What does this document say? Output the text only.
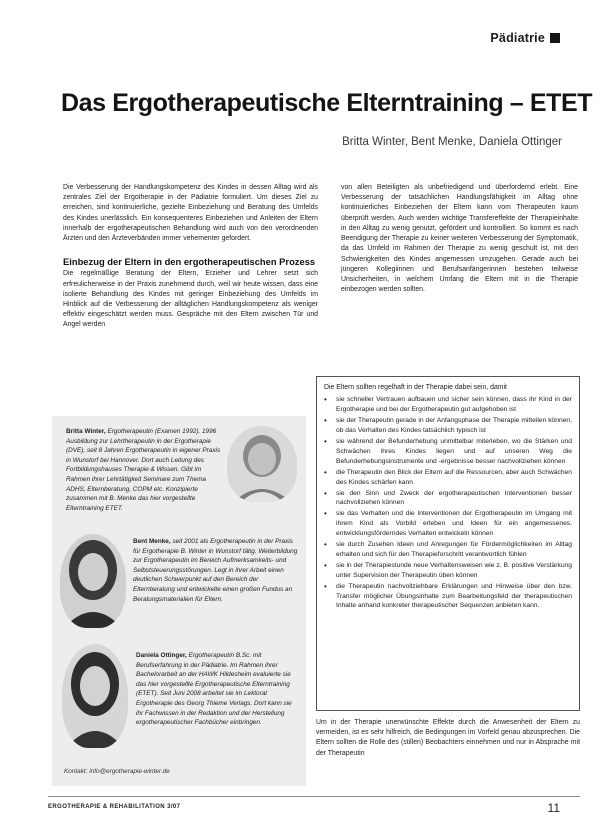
Pädiatrie
Das Ergotherapeutische Elterntraining – ETET
Britta Winter, Bent Menke, Daniela Ottinger

Die Verbesserung der Handlungskompetenz des Kindes in dessen Alltag wird als zentrales Ziel der Ergotherapie in der Pädiatrie formuliert. Um dieses Ziel zu erreichen, sind kontinuierliche, gezielte Einbeziehung und Beratung des Umfelds des Kindes unerlässlich. Ein konsequenteres Einbeziehen und Anleiten der Eltern innerhalb der ergotherapeutischen Behandlung wird auch von den verordnenden Ärzten und den Ärzteverbänden immer vehementer gefordert.

Einbezug der Eltern in den ergotherapeutischen Prozess

Die regelmäßige Beratung der Eltern, Erzieher und Lehrer setzt sich erfreulicherweise in der Praxis zunehmend durch, weil wir heute wissen, dass eine isolierte Behandlung des Kindes mit geringer Einbeziehung des Umfelds im Hinblick auf die Verbesserung der alltäglichen Handlungskompetenz als weniger effektiv eingeschätzt werden muss. Gespräche mit den Eltern zwischen Tür und Angel werden

von allen Beteiligten als unbefriedigend und überfordernd erlebt. Eine Verbesserung der tatsächlichen Handlungsfähigkeit im Alltag ohne kontinuierliches Einbeziehen der Eltern kann vom Therapeuten kaum überprüft werden. Auch werden wichtige Transfereffekte der Therapieinhalte in den Alltag zu wenig genutzt, gefördert und kontrolliert. So kommt es nach Beendigung der Therapie zu keiner weiteren Verbesserung der Symptomatik, da das Umfeld im Rahmen der Therapie zu wenig geschult ist, mit den Schwierigkeiten des Kindes angemessen umzugehen. Gerade auch bei jüngeren Kollegiinnen und Berufsanfängerinnen bestehen teilweise Unsicherheiten, in welchem Umfang die Eltern mit in die Therapie einbezogen werden sollten.

Die Eltern sollten regelhaft in der Therapie dabei sein, damit

•	sie schneller Vertrauen aufbauen und sicher sein können, dass ihr Kind in der Ergotherapie und bei der Ergotherapeutin gut aufgehoben ist
•	sie der Therapeutin gerade in der Anfangsphase der Therapie mitteilen können, ob das Verhalten des Kindes tatsächlich typisch ist
•	sie während der Befunderhebung unmittelbar miterleben, wo die Stärken und Schwächen ihres Kindes liegen und auf unseren Weg die Befunderhebungsinstrumente und -ergebnisse besser nachvollziehen können
•	die Therapeutin den Blick der Eltern auf die Ressourcen, aber auch Schwächen des Kindes schärfen kann
•	sie den Sinn und Zweck der ergotherapeutischen Interventionen besser nachvollziehen können
•	sie das Verhalten und die Interventionen der Ergotherapeutin im Umgang mit ihrem Kind als Vorbild erleben und Ideen für ein angemessenes, entwicklungsförderndes Verhalten entwickeln können
•	sie durch Zusehen Ideen und Anregungen für Fördermöglichkeiten im Alltag erhalten und sich für den Therapieforschritt verantwortlich fühlen
•	sie in der Therapiestunde neue Verhaltensweisen wie z. B. positive Verstärkung unter Supervision der Therapeutin üben können
•	die Therapeutin nachvollziehbare Erklärungen und Hinweise über den bzw. Transfer möglicher Übungsinhalte zum Bearbeitungsfeld der therapeutischen Inhalte anhand konkreter therapeutischer Sequenzen anbieten kann.

Um in der Therapie unerwünschte Effekte durch die Anwesenheit der Eltern zu vermeiden, ist es sehr hilfreich, die Bedingungen im Vorfeld genau abzusprechen. Die Eltern sollten die Rolle des (stillen) Beobachters einnehmen und nur in Absprache mit der Therapeutin

Britta Winter, Ergotherapeutin (Examen 1992). 1996 Ausbildung zur Lehrtherapeutin in der Ergotherapie (DVE), seit 8 Jahren Ergotherapeutin in eigener Praxis in Wunstorf bei Hannover. Dort auch Leitung des Fortbildungshauses Therapie & Wissen. Gibt im Rahmen ihrer Lehrtätigkeit Seminare zum Thema ADHS, Elternberatung, COPM etc. Konzipierte zusammen mit B. Menke das hier vorgestellte Elterntraining ETET.
Bent Menke, seit 2001 als Ergotherapeutin in der Praxis für Ergotherapie B. Winter in Wunstorf tätig. Weiterbildung zur Ergotherapeutin im Bereich Aufmerksamkeits- und Selbststeuerungsstörungen. Legt in ihrer Arbeit einen deutlichen Schwerpunkt auf den Bereich der Elternberatung und entwickelte einen großen Fundus an Beratungsmaterialien für Eltern.
Daniela Ottinger, Ergotherapeutin B.Sc. mit Berufserfahrung in der Pädiatrie. Im Rahmen ihrer Bachelorarbeit an der HAWK Hildesheim evaluierte sie das hier vorgestellte Ergotherapeutische Elterntraining (ETET). Seit Juni 2008 arbeitet sie im Lektorat Ergotherapie des Georg Thieme Verlags. Dort kann sie ihr Fachwissen in der Redaktion und der Herstellung ergotherapeutischer Fachbücher einbringen.
Kontakt: info@ergotherapie-winter.de
ERGOTHERAPIE & REHABILITATION 3/07	11
